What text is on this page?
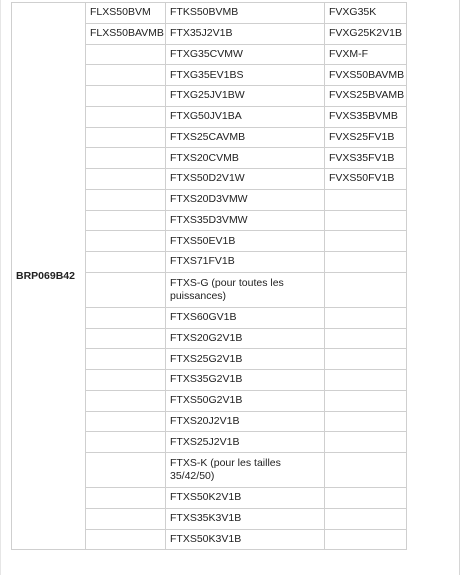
BRP069B42	FLXS50BVM	FTKS50BVMB	FVXG35K
	FLXS50BAVMB	FTX35J2V1B	FVXG25K2V1B
		FTXG35CVMW	FVXM-F
		FTXG35EV1BS	FVXS50BAVMB
		FTXG25JV1BW	FVXS25BVAMB
		FTXG50JV1BA	FVXS35BVMB
		FTXS25CAVMB	FVXS25FV1B
		FTXS20CVMB	FVXS35FV1B
		FTXS50D2V1W	FVXS50FV1B
		FTXS20D3VMW	
		FTXS35D3VMW	
		FTXS50EV1B	
		FTXS71FV1B	
		FTXS-G (pour toutes les puissances)	
		FTXS60GV1B	
		FTXS20G2V1B	
		FTXS25G2V1B	
		FTXS35G2V1B	
		FTXS50G2V1B	
		FTXS20J2V1B	
		FTXS25J2V1B	
		FTXS-K (pour les tailles 35/42/50)	
		FTXS50K2V1B	
		FTXS35K3V1B	
		FTXS50K3V1B	
